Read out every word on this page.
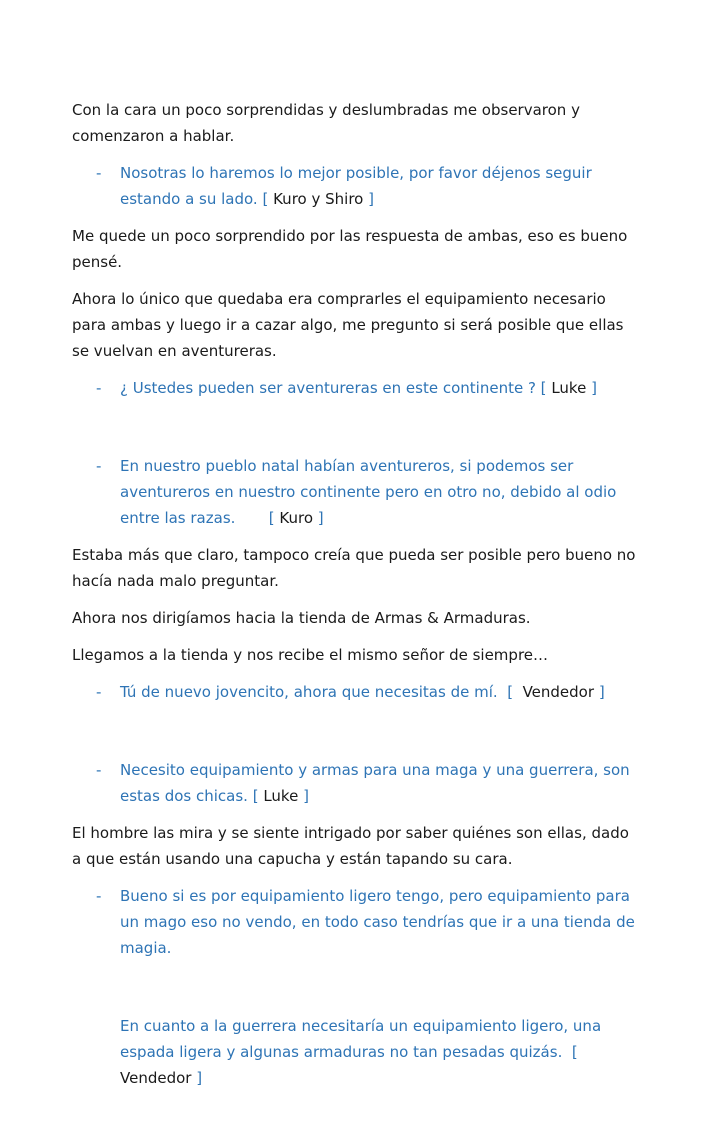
Con la cara un poco sorprendidas y deslumbradas me observaron y comenzaron a hablar.

- Nosotras lo haremos lo mejor posible, por favor déjenos seguir estando a su lado. [ Kuro y Shiro ]

Me quede un poco sorprendido por las respuesta de ambas, eso es bueno pensé.

Ahora lo único que quedaba era comprarles el equipamiento necesario para ambas y luego ir a cazar algo, me pregunto si será posible que ellas se vuelvan en aventureras.

- ¿ Ustedes pueden ser aventureras en este continente ? [ Luke ]
- En nuestro pueblo natal habían aventureros, si podemos ser aventureros en nuestro continente pero en otro no, debido al odio entre las razas.       [ Kuro ]

Estaba más que claro, tampoco creía que pueda ser posible pero bueno no hacía nada malo preguntar.

Ahora nos dirigíamos hacia la tienda de Armas & Armaduras.

Llegamos a la tienda y nos recibe el mismo señor de siempre…

- Tú de nuevo jovencito, ahora que necesitas de mí.  [  Vendedor ]
- Necesito equipamiento y armas para una maga y una guerrera, son estas dos chicas. [ Luke ]

El hombre las mira y se siente intrigado por saber quiénes son ellas, dado a que están usando una capucha y están tapando su cara.

- Bueno si es por equipamiento ligero tengo, pero equipamiento para un mago eso no vendo, en todo caso tendrías que ir a una tienda de magia.
En cuanto a la guerrera necesitaría un equipamiento ligero, una espada ligera y algunas armaduras no tan pesadas quizás.  [  Vendedor ]
